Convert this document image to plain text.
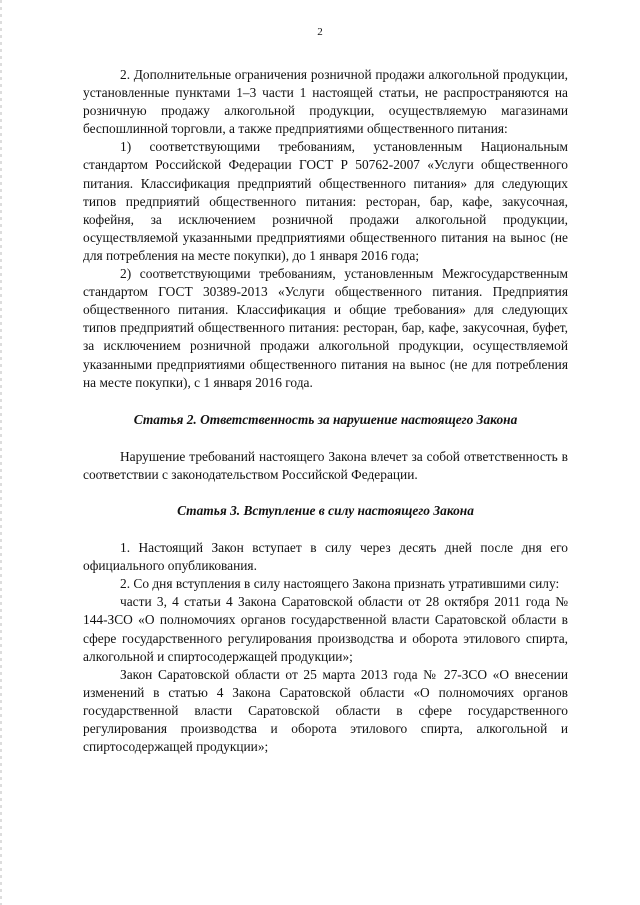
2

2. Дополнительные ограничения розничной продажи алкогольной продукции, установленные пунктами 1–3 части 1 настоящей статьи, не распространяются на розничную продажу алкогольной продукции, осуществляемую магазинами беспошлинной торговли, а также предприятиями общественного питания:

1) соответствующими требованиям, установленным Национальным стандартом Российской Федерации ГОСТ Р 50762-2007 «Услуги общественного питания. Классификация предприятий общественного питания» для следующих типов предприятий общественного питания: ресторан, бар, кафе, закусочная, кофейня, за исключением розничной продажи алкогольной продукции, осуществляемой указанными предприятиями общественного питания на вынос (не для потребления на месте покупки), до 1 января 2016 года;

2) соответствующими требованиям, установленным Межгосударственным стандартом ГОСТ 30389-2013 «Услуги общественного питания. Предприятия общественного питания. Классификация и общие требования» для следующих типов предприятий общественного питания: ресторан, бар, кафе, закусочная, буфет, за исключением розничной продажи алкогольной продукции, осуществляемой указанными предприятиями общественного питания на вынос (не для потребления на месте покупки), с 1 января 2016 года.

Статья 2. Ответственность за нарушение настоящего Закона

Нарушение требований настоящего Закона влечет за собой ответственность в соответствии с законодательством Российской Федерации.

Статья 3. Вступление в силу настоящего Закона

1. Настоящий Закон вступает в силу через десять дней после дня его официального опубликования.

2. Со дня вступления в силу настоящего Закона признать утратившими силу:

части 3, 4 статьи 4 Закона Саратовской области от 28 октября 2011 года № 144-ЗСО «О полномочиях органов государственной власти Саратовской области в сфере государственного регулирования производства и оборота этилового спирта, алкогольной и спиртосодержащей продукции»;

Закон Саратовской области от 25 марта 2013 года № 27-ЗСО «О внесении изменений в статью 4 Закона Саратовской области «О полномочиях органов государственной власти Саратовской области в сфере государственного регулирования производства и оборота этилового спирта, алкогольной и спиртосодержащей продукции»;
